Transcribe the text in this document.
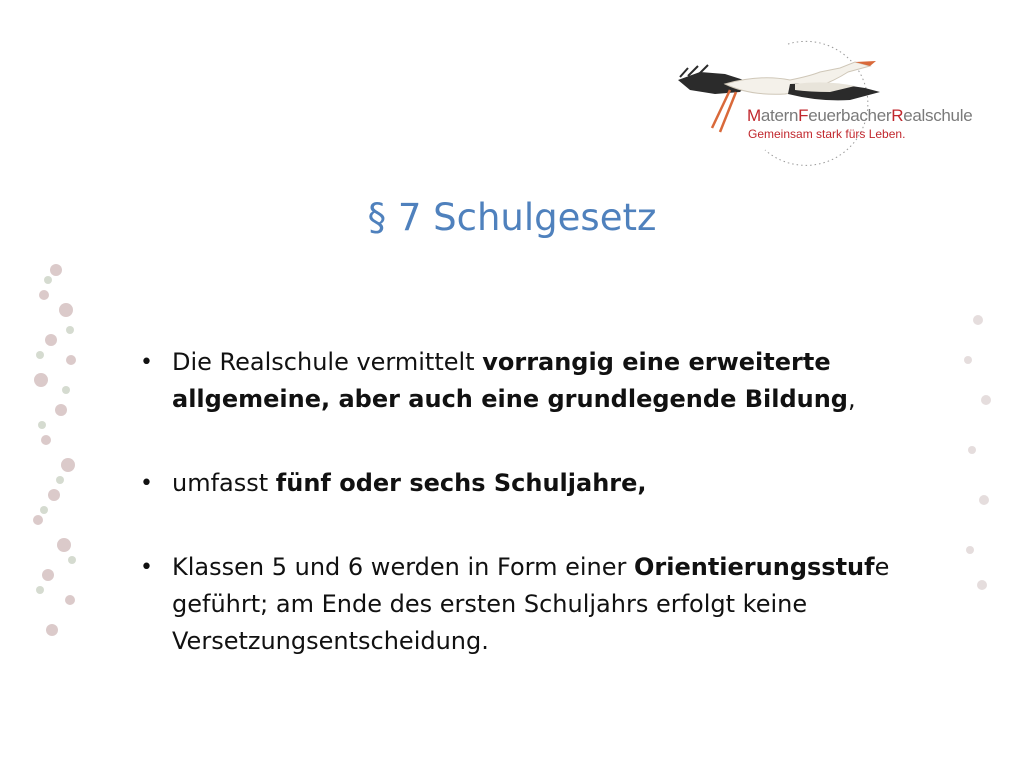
MaternFeuerbacherRealschule
Gemeinsam stark fürs Leben.
§ 7 Schulgesetz
• Die Realschule vermittelt vorrangig eine erweiterte allgemeine, aber auch eine grundlegende Bildung,
• umfasst fünf oder sechs Schuljahre,
• Klassen 5 und 6 werden in Form einer Orientierungsstufe geführt; am Ende des ersten Schuljahrs erfolgt keine Versetzungsentscheidung.
